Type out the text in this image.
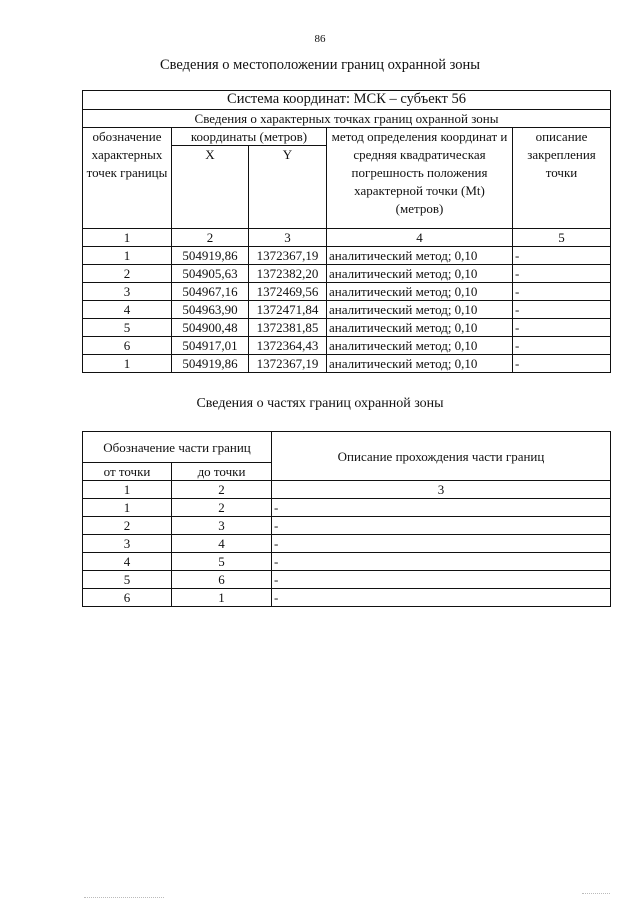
86
Сведения о местоположении границ охранной зоны
Система координат: МСК – субъект 56				
Сведения о характерных точках границ охранной зоны				
обозначение характерных точек границы	координаты (метров)		метод определения координат и средняя квадратическая погрешность положения характерной точки (Mt) (метров)	описание закрепления точки
	X	Y		
1	2	3	4	5
1	504919,86	1372367,19	аналитический метод; 0,10	-
2	504905,63	1372382,20	аналитический метод; 0,10	-
3	504967,16	1372469,56	аналитический метод; 0,10	-
4	504963,90	1372471,84	аналитический метод; 0,10	-
5	504900,48	1372381,85	аналитический метод; 0,10	-
6	504917,01	1372364,43	аналитический метод; 0,10	-
1	504919,86	1372367,19	аналитический метод; 0,10	-
Сведения о частях границ охранной зоны
Обозначение части границ		Описание прохождения части границ
от точки	до точки	
1	2	3
1	2	-
2	3	-
3	4	-
4	5	-
5	6	-
6	1	-
